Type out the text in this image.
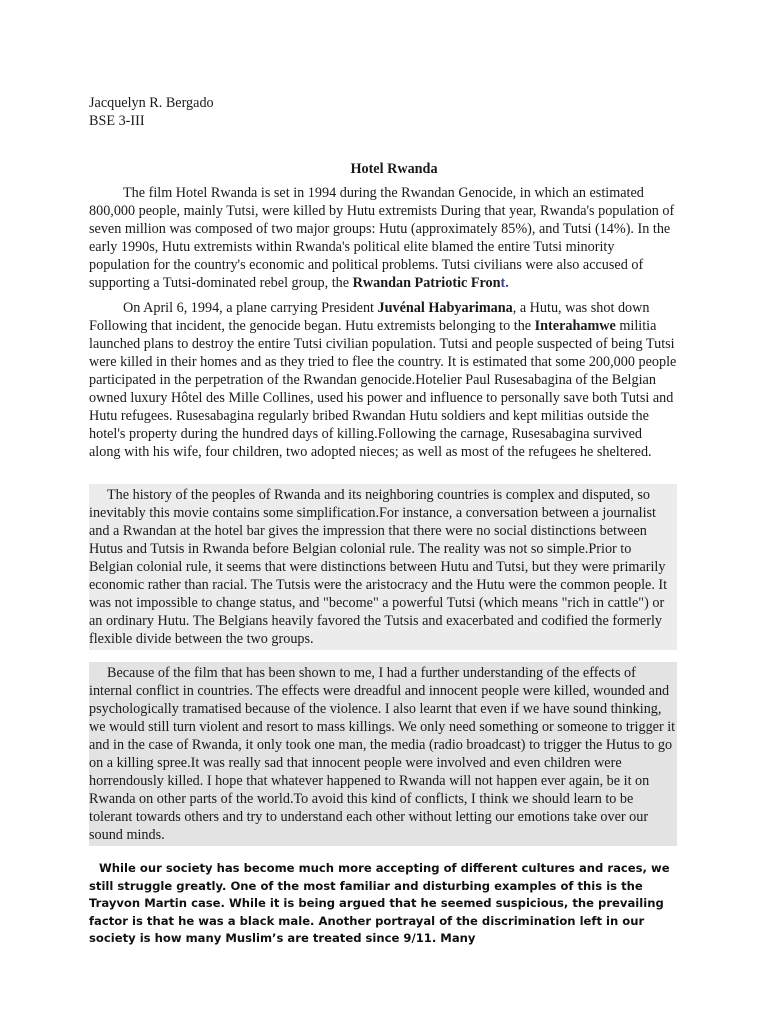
Jacquelyn R. Bergado
BSE 3-III
Hotel Rwanda
The film Hotel Rwanda is set in 1994 during the Rwandan Genocide, in which an estimated 800,000 people, mainly Tutsi, were killed by Hutu extremists During that year, Rwanda's population of seven million was composed of two major groups: Hutu (approximately 85%), and Tutsi (14%). In the early 1990s, Hutu extremists within Rwanda's political elite blamed the entire Tutsi minority population for the country's economic and political problems. Tutsi civilians were also accused of supporting a Tutsi-dominated rebel group, the Rwandan Patriotic Front.
On April 6, 1994, a plane carrying President Juvénal Habyarimana, a Hutu, was shot down Following that incident, the genocide began. Hutu extremists belonging to the Interahamwe militia launched plans to destroy the entire Tutsi civilian population. Tutsi and people suspected of being Tutsi were killed in their homes and as they tried to flee the country. It is estimated that some 200,000 people participated in the perpetration of the Rwandan genocide.Hotelier Paul Rusesabagina of the Belgian owned luxury Hôtel des Mille Collines, used his power and influence to personally save both Tutsi and Hutu refugees. Rusesabagina regularly bribed Rwandan Hutu soldiers and kept militias outside the hotel's property during the hundred days of killing.Following the carnage, Rusesabagina survived along with his wife, four children, two adopted nieces; as well as most of the refugees he sheltered.
The history of the peoples of Rwanda and its neighboring countries is complex and disputed, so inevitably this movie contains some simplification.For instance, a conversation between a journalist and a Rwandan at the hotel bar gives the impression that there were no social distinctions between Hutus and Tutsis in Rwanda before Belgian colonial rule. The reality was not so simple.Prior to Belgian colonial rule, it seems that were distinctions between Hutu and Tutsi, but they were primarily economic rather than racial. The Tutsis were the aristocracy and the Hutu were the common people. It was not impossible to change status, and "become" a powerful Tutsi (which means "rich in cattle") or an ordinary Hutu. The Belgians heavily favored the Tutsis and exacerbated and codified the formerly flexible divide between the two groups.
Because of the film that has been shown to me, I had a further understanding of the effects of internal conflict in countries. The effects were dreadful and innocent people were killed, wounded and psychologically tramatised because of the violence. I also learnt that even if we have sound thinking, we would still turn violent and resort to mass killings. We only need something or someone to trigger it and in the case of Rwanda, it only took one man, the media (radio broadcast) to trigger the Hutus to go on a killing spree.It was really sad that innocent people were involved and even children were horrendously killed. I hope that whatever happened to Rwanda will not happen ever again, be it on Rwanda on other parts of the world.To avoid this kind of conflicts, I think we should learn to be tolerant towards others and try to understand each other without letting our emotions take over our sound minds.
While our society has become much more accepting of different cultures and races, we still struggle greatly. One of the most familiar and disturbing examples of this is the Trayvon Martin case. While it is being argued that he seemed suspicious, the prevailing factor is that he was a black male. Another portrayal of the discrimination left in our society is how many Muslim’s are treated since 9/11. Many
